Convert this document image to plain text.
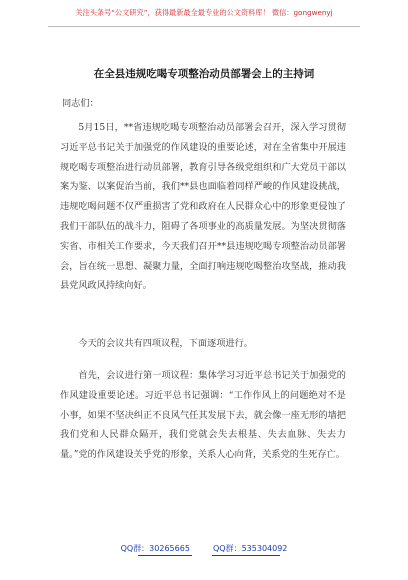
关注头条号“公文研究”，获得最新最全最专业的公文资料库！ 微信：gongwenyj
在全县违规吃喝专项整治动员部署会上的主持词
同志们：

5月15日，**省违规吃喝专项整治动员部署会召开，深入学习贯彻习近平总书记关于加强党的作风建设的重要论述，对在全省集中开展违规吃喝专项整治进行动员部署，教育引导各级党组织和广大党员干部以案为鉴、以案促治当前，我们**县也面临着同样严峻的作风建设挑战，违规吃喝问题不仅严重损害了党和政府在人民群众心中的形象更侵蚀了我们干部队伍的战斗力，阻碍了各项事业的高质量发展。为坚决贯彻落实省、市相关工作要求，今天我们召开**县违规吃喝专项整治动员部署会，旨在统一思想、凝聚力量，全面打响违规吃喝整治攻坚战，推动我县党风政风持续向好。

今天的会议共有四项议程，下面逐项进行。

首先，会议进行第一项议程：集体学习习近平总书记关于加强党的作风建设重要论述。习近平总书记强调：“工作作风上的问题绝对不是小事，如果不坚决纠正不良风气任其发展下去，就会像一座无形的墙把我们党和人民群众隔开，我们党就会失去根基、失去血脉、失去力量。”党的作风建设关乎党的形象，关系人心向背，关系党的生死存亡。

QQ群：30265665	QQ群：535304092
